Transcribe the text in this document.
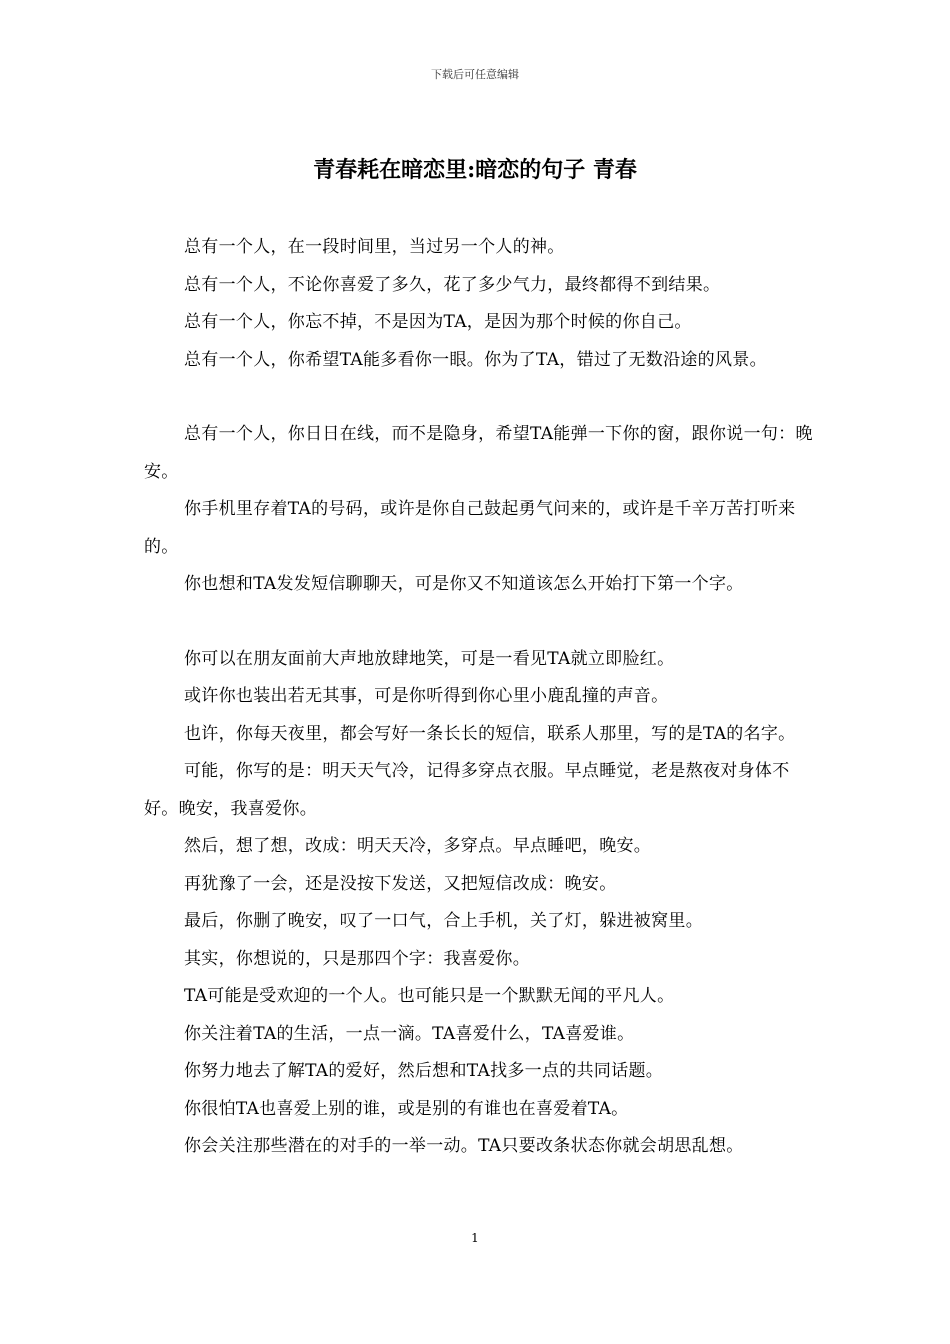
下载后可任意编辑
青春耗在暗恋里:暗恋的句子 青春

总有一个人，在一段时间里，当过另一个人的神。

总有一个人，不论你喜爱了多久，花了多少气力，最终都得不到结果。

总有一个人，你忘不掉，不是因为TA，是因为那个时候的你自己。

总有一个人，你希望TA能多看你一眼。你为了TA，错过了无数沿途的风景。

总有一个人，你日日在线，而不是隐身，希望TA能弹一下你的窗，跟你说一句：晚安。

你手机里存着TA的号码，或许是你自己鼓起勇气问来的，或许是千辛万苦打听来的。

你也想和TA发发短信聊聊天，可是你又不知道该怎么开始打下第一个字。

你可以在朋友面前大声地放肆地笑，可是一看见TA就立即脸红。

或许你也装出若无其事，可是你听得到你心里小鹿乱撞的声音。

也许，你每天夜里，都会写好一条长长的短信，联系人那里，写的是TA的名字。

可能，你写的是：明天天气冷，记得多穿点衣服。早点睡觉，老是熬夜对身体不好。晚安，我喜爱你。

然后，想了想，改成：明天天冷，多穿点。早点睡吧，晚安。

再犹豫了一会，还是没按下发送，又把短信改成：晚安。

最后，你删了晚安，叹了一口气，合上手机，关了灯，躲进被窝里。

其实，你想说的，只是那四个字：我喜爱你。

TA可能是受欢迎的一个人。也可能只是一个默默无闻的平凡人。

你关注着TA的生活，一点一滴。TA喜爱什么，TA喜爱谁。

你努力地去了解TA的爱好，然后想和TA找多一点的共同话题。

你很怕TA也喜爱上别的谁，或是别的有谁也在喜爱着TA。

你会关注那些潜在的对手的一举一动。TA只要改条状态你就会胡思乱想。

1
